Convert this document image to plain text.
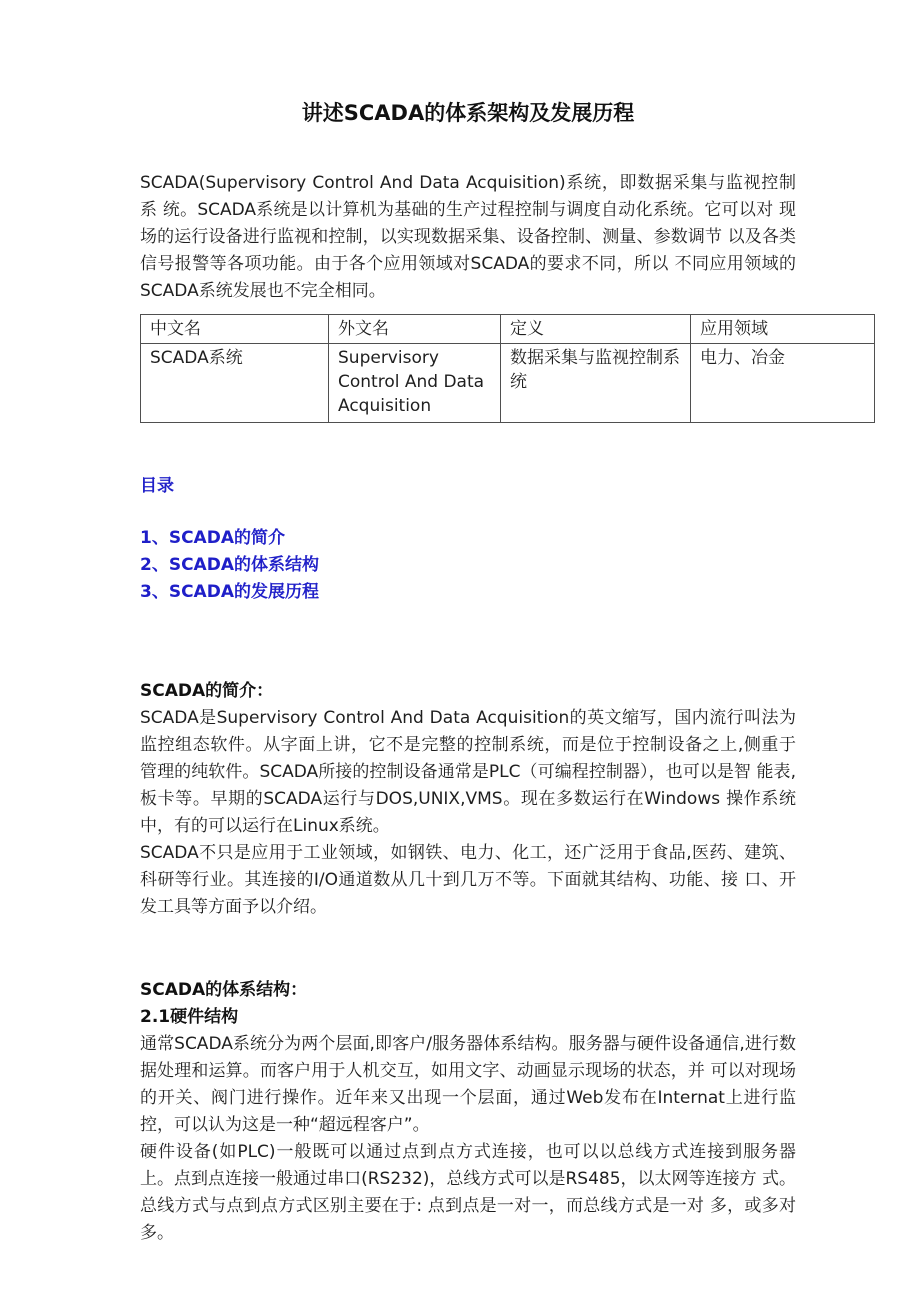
讲述SCADA的体系架构及发展历程

SCADA(Supervisory Control And Data Acquisition)系统，即数据采集与监视控制系 统。SCADA系统是以计算机为基础的生产过程控制与调度自动化系统。它可以对 现场的运行设备进行监视和控制，以实现数据采集、设备控制、测量、参数调节 以及各类信号报警等各项功能。由于各个应用领域对SCADA的要求不同，所以 不同应用领域的SCADA系统发展也不完全相同。

中文名	外文名	定义	应用领域
SCADA系统	Supervisory Control And Data Acquisition	数据采集与监视控制系统	电力、冶金
目录
1、SCADA的简介
2、SCADA的体系结构
3、SCADA的发展历程
SCADA的简介：

SCADA是Supervisory Control And Data Acquisition的英文缩写，国内流行叫法为监控组态软件。从字面上讲，它不是完整的控制系统，而是位于控制设备之上,侧重于 管理的纯软件。SCADA所接的控制设备通常是PLC（可编程控制器），也可以是智 能表,板卡等。早期的SCADA运行与DOS,UNIX,VMS。现在多数运行在Windows 操作系统中，有的可以运行在Linux系统。

SCADA不只是应用于工业领域，如钢铁、电力、化工，还广泛用于食品,医药、建筑、 科研等行业。其连接的I/O通道数从几十到几万不等。下面就其结构、功能、接 口、开发工具等方面予以介绍。

SCADA的体系结构：
2.1硬件结构

通常SCADA系统分为两个层面,即客户/服务器体系结构。服务器与硬件设备通信,进行数据处理和运算。而客户用于人机交互，如用文字、动画显示现场的状态，并 可以对现场的开关、阀门进行操作。近年来又出现一个层面，通过Web发布在Internat上进行监控，可以认为这是一种“超远程客户”。

硬件设备(如PLC)一般既可以通过点到点方式连接，也可以以总线方式连接到服务器上。点到点连接一般通过串口(RS232)，总线方式可以是RS485，以太网等连接方 式。总线方式与点到点方式区别主要在于: 点到点是一对一，而总线方式是一对 多，或多对多。
